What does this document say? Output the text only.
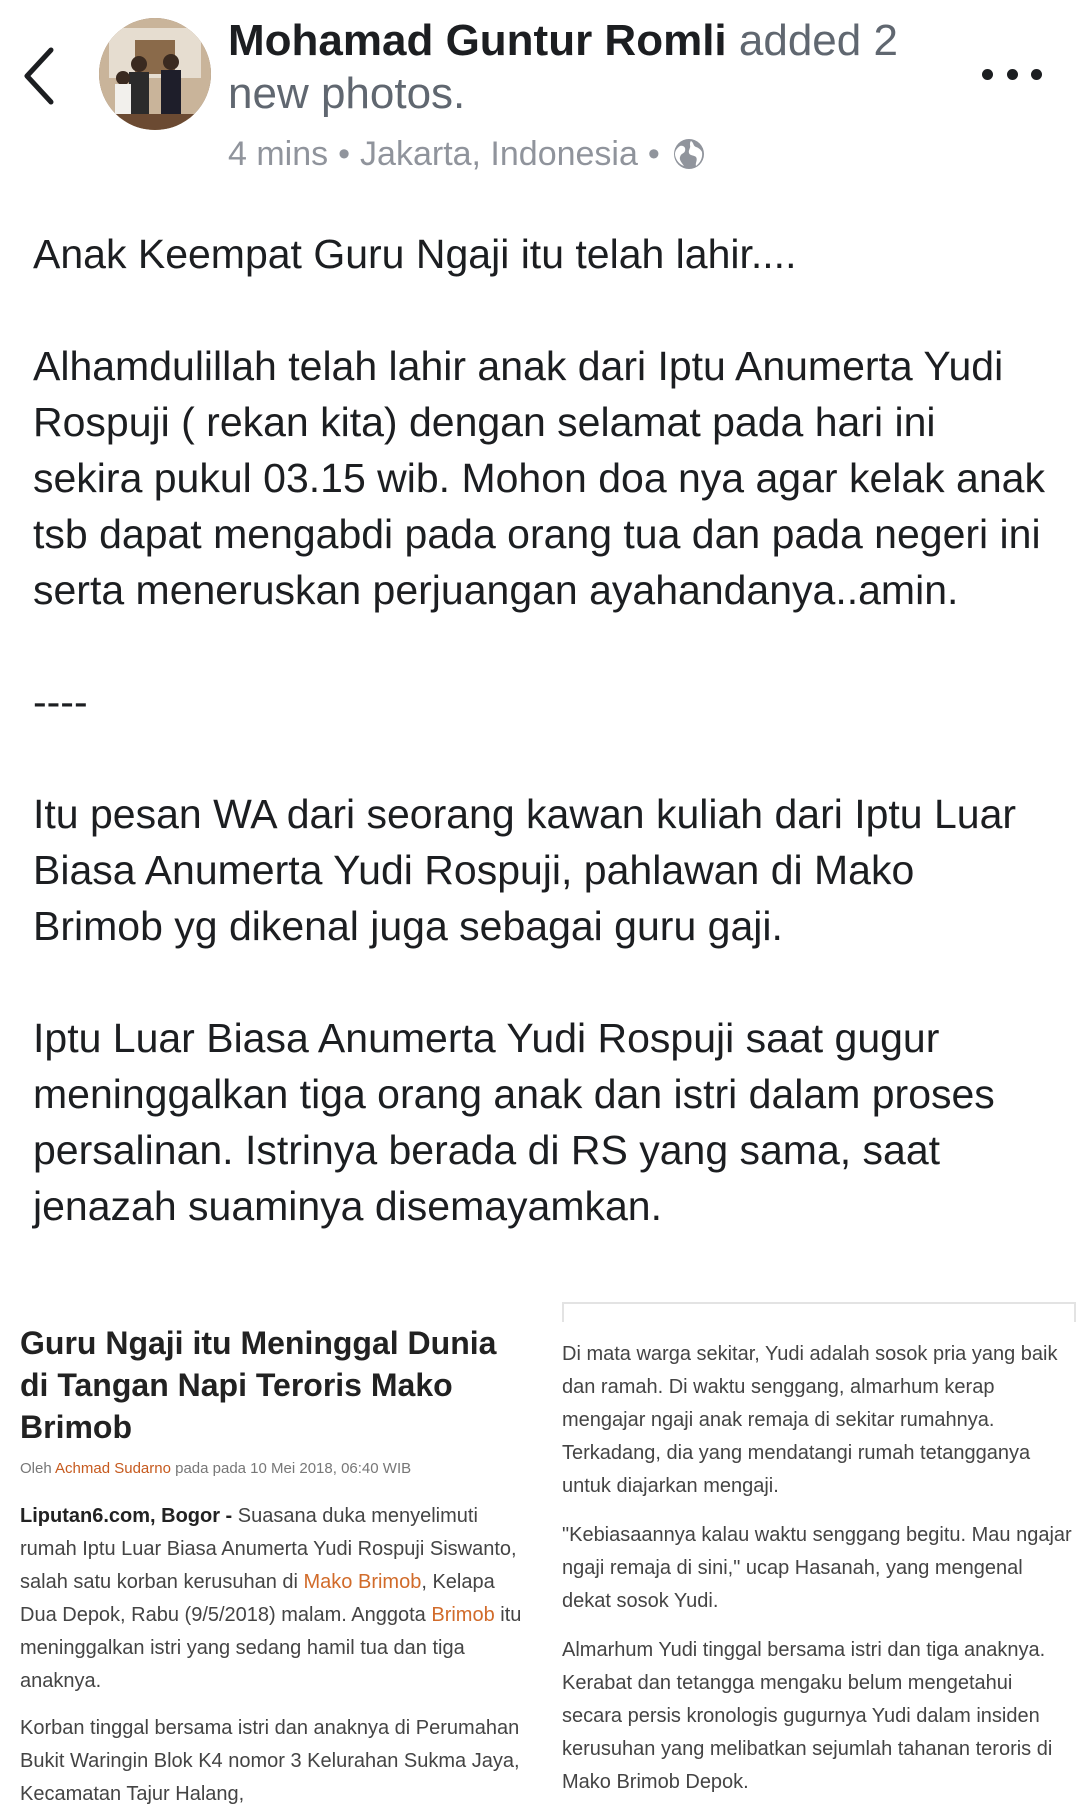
Mohamad Guntur Romli added 2 new photos.
4 mins • Jakarta, Indonesia •

Anak Keempat Guru Ngaji itu telah lahir....

Alhamdulillah telah lahir anak dari Iptu Anumerta Yudi Rospuji ( rekan kita) dengan selamat pada hari ini sekira pukul 03.15 wib. Mohon doa nya agar kelak anak tsb dapat mengabdi pada orang tua dan pada negeri ini serta meneruskan perjuangan ayahandanya..amin.

----

Itu pesan WA dari seorang kawan kuliah dari Iptu Luar Biasa Anumerta Yudi Rospuji, pahlawan di Mako Brimob yg dikenal juga sebagai guru gaji.

Iptu Luar Biasa Anumerta Yudi Rospuji saat gugur meninggalkan tiga orang anak dan istri dalam proses persalinan. Istrinya berada di RS yang sama, saat jenazah suaminya disemayamkan.

Guru Ngaji itu Meninggal Dunia di Tangan Napi Teroris Mako Brimob
Oleh Achmad Sudarno pada pada 10 Mei 2018, 06:40 WIB
Liputan6.com, Bogor - Suasana duka menyelimuti rumah Iptu Luar Biasa Anumerta Yudi Rospuji Siswanto, salah satu korban kerusuhan di Mako Brimob, Kelapa Dua Depok, Rabu (9/5/2018) malam. Anggota Brimob itu meninggalkan istri yang sedang hamil tua dan tiga anaknya.
Korban tinggal bersama istri dan anaknya di Perumahan Bukit Waringin Blok K4 nomor 3 Kelurahan Sukma Jaya, Kecamatan Tajur Halang,
Di mata warga sekitar, Yudi adalah sosok pria yang baik dan ramah. Di waktu senggang, almarhum kerap mengajar ngaji anak remaja di sekitar rumahnya. Terkadang, dia yang mendatangi rumah tetangganya untuk diajarkan mengaji.
"Kebiasaannya kalau waktu senggang begitu. Mau ngajar ngaji remaja di sini," ucap Hasanah, yang mengenal dekat sosok Yudi.
Almarhum Yudi tinggal bersama istri dan tiga anaknya. Kerabat dan tetangga mengaku belum mengetahui secara persis kronologis gugurnya Yudi dalam insiden kerusuhan yang melibatkan sejumlah tahanan teroris di Mako Brimob Depok.
